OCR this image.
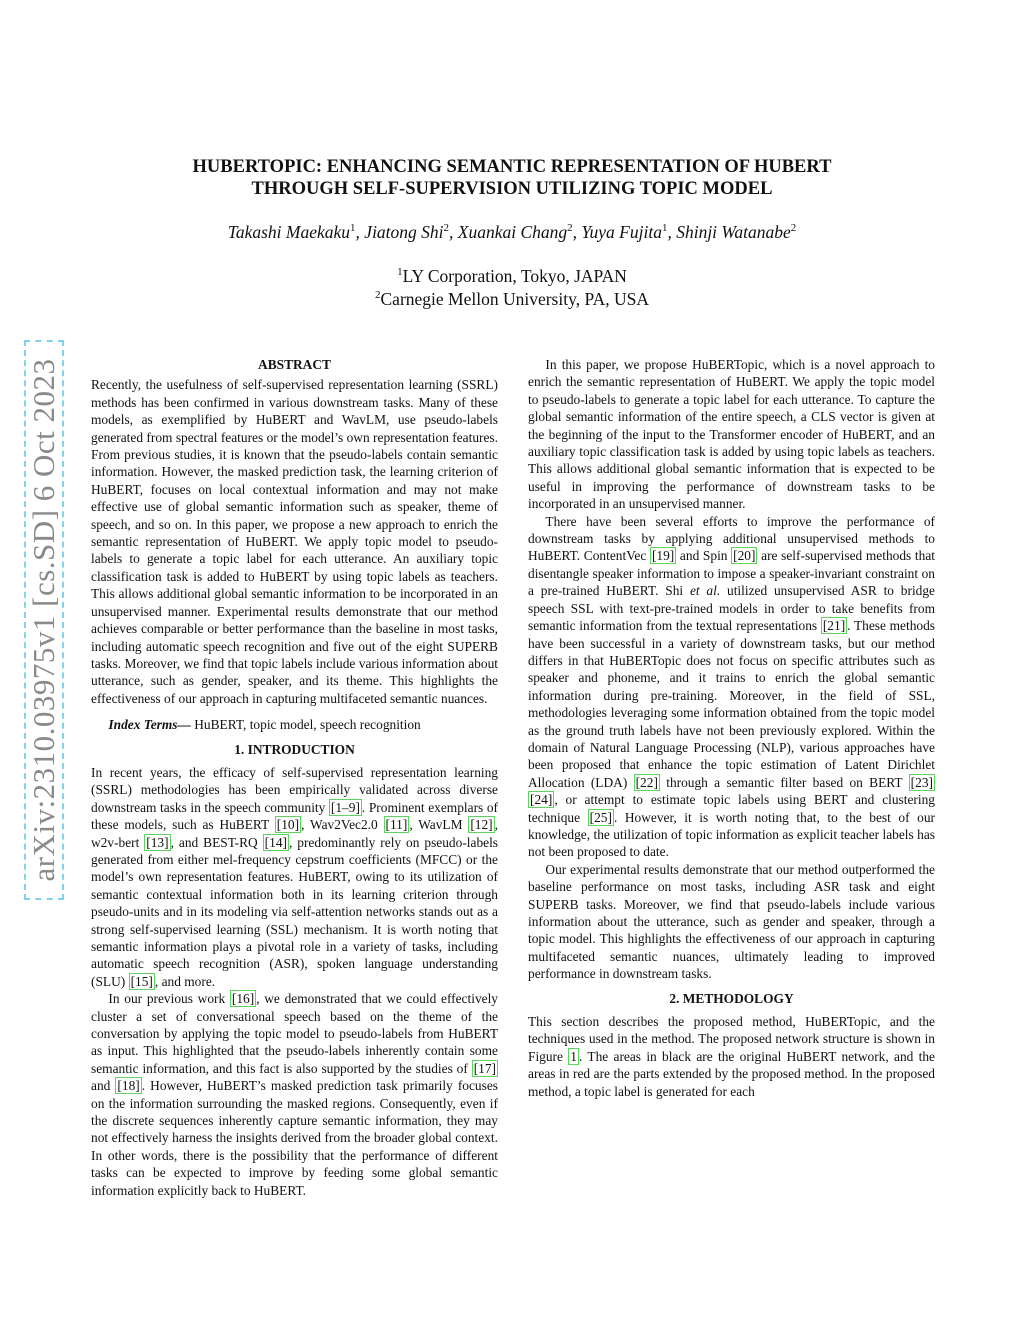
arXiv:2310.03975v1 [cs.SD] 6 Oct 2023
HUBERTOPIC: ENHANCING SEMANTIC REPRESENTATION OF HUBERT
THROUGH SELF-SUPERVISION UTILIZING TOPIC MODEL
Takashi Maekaku$^1$, Jiatong Shi$^2$, Xuankai Chang$^2$, Yuya Fujita$^1$, Shinji Watanabe$^2$
$^1$LY Corporation, Tokyo, JAPAN
$^2$Carnegie Mellon University, PA, USA
ABSTRACT

Recently, the usefulness of self-supervised representation learning (SSRL) methods has been confirmed in various downstream tasks. Many of these models, as exemplified by HuBERT and WavLM, use pseudo-labels generated from spectral features or the model’s own representation features. From previous studies, it is known that the pseudo-labels contain semantic information. However, the masked prediction task, the learning criterion of HuBERT, focuses on local contextual information and may not make effective use of global semantic information such as speaker, theme of speech, and so on. In this paper, we propose a new approach to enrich the semantic representation of HuBERT. We apply topic model to pseudo-labels to generate a topic label for each utterance. An auxiliary topic classification task is added to HuBERT by using topic labels as teachers. This allows additional global semantic information to be incorporated in an unsupervised manner. Experimental results demonstrate that our method achieves comparable or better performance than the baseline in most tasks, including automatic speech recognition and five out of the eight SUPERB tasks. Moreover, we find that topic labels include various information about utterance, such as gender, speaker, and its theme. This highlights the effectiveness of our approach in capturing multifaceted semantic nuances.

Index Terms— HuBERT, topic model, speech recognition

1. INTRODUCTION

In recent years, the efficacy of self-supervised representation learning (SSRL) methodologies has been empirically validated across diverse downstream tasks in the speech community [1–9] . Prominent exemplars of these models, such as HuBERT [10] , Wav2Vec2.0 [11] , WavLM [12] , w2v-bert [13] , and BEST-RQ [14] , predominantly rely on pseudo-labels generated from either mel-frequency cepstrum coefficients (MFCC) or the model’s own representation features. HuBERT, owing to its utilization of semantic contextual information both in its learning criterion through pseudo-units and in its modeling via self-attention networks stands out as a strong self-supervised learning (SSL) mechanism. It is worth noting that semantic information plays a pivotal role in a variety of tasks, including automatic speech recognition (ASR), spoken language understanding (SLU) [15] , and more.

In our previous work [16] , we demonstrated that we could effectively cluster a set of conversational speech based on the theme of the conversation by applying the topic model to pseudo-labels from HuBERT as input. This highlighted that the pseudo-labels inherently contain some semantic information, and this fact is also supported by the studies of [17] and [18] . However, HuBERT’s masked prediction task primarily focuses on the information surrounding the masked regions. Consequently, even if the discrete sequences inherently capture semantic information, they may not effectively harness the insights derived from the broader global context. In other words, there is the possibility that the performance of different tasks can be expected to improve by feeding some global semantic information explicitly back to HuBERT.

In this paper, we propose HuBERTopic, which is a novel approach to enrich the semantic representation of HuBERT. We apply the topic model to pseudo-labels to generate a topic label for each utterance. To capture the global semantic information of the entire speech, a CLS vector is given at the beginning of the input to the Transformer encoder of HuBERT, and an auxiliary topic classification task is added by using topic labels as teachers. This allows additional global semantic information that is expected to be useful in improving the performance of downstream tasks to be incorporated in an unsupervised manner.

There have been several efforts to improve the performance of downstream tasks by applying additional unsupervised methods to HuBERT. ContentVec [19] and Spin [20] are self-supervised methods that disentangle speaker information to impose a speaker-invariant constraint on a pre-trained HuBERT. Shi et al. utilized unsupervised ASR to bridge speech SSL with text-pre-trained models in order to take benefits from semantic information from the textual representations [21] . These methods have been successful in a variety of downstream tasks, but our method differs in that HuBERTopic does not focus on specific attributes such as speaker and phoneme, and it trains to enrich the global semantic information during pre-training. Moreover, in the field of SSL, methodologies leveraging some information obtained from the topic model as the ground truth labels have not been previously explored. Within the domain of Natural Language Processing (NLP), various approaches have been proposed that enhance the topic estimation of Latent Dirichlet Allocation (LDA) [22] through a semantic filter based on BERT [23] [24] , or attempt to estimate topic labels using BERT and clustering technique [25] . However, it is worth noting that, to the best of our knowledge, the utilization of topic information as explicit teacher labels has not been proposed to date.

Our experimental results demonstrate that our method outperformed the baseline performance on most tasks, including ASR task and eight SUPERB tasks. Moreover, we find that pseudo-labels include various information about the utterance, such as gender and speaker, through a topic model. This highlights the effectiveness of our approach in capturing multifaceted semantic nuances, ultimately leading to improved performance in downstream tasks.

2. METHODOLOGY

This section describes the proposed method, HuBERTopic, and the techniques used in the method. The proposed network structure is shown in Figure 1 . The areas in black are the original HuBERT network, and the areas in red are the parts extended by the proposed method. In the proposed method, a topic label is generated for each
